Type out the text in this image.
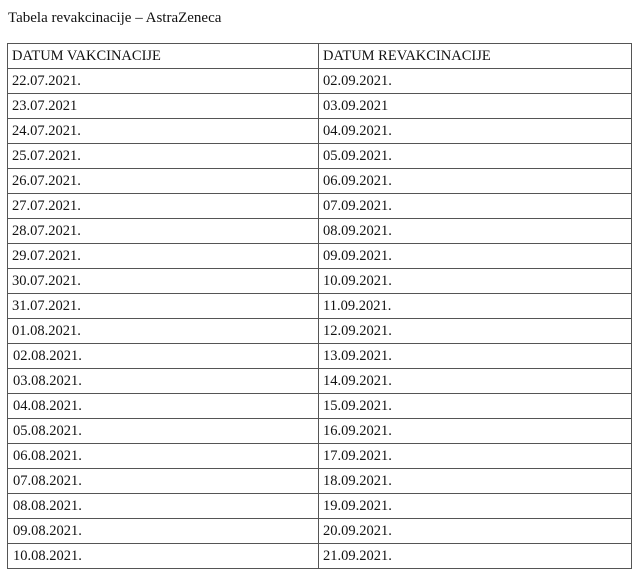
Tabela revakcinacije – AstraZeneca
DATUM VAKCINACIJE	DATUM REVAKCINACIJE
22.07.2021.	02.09.2021.
23.07.2021	03.09.2021
24.07.2021.	04.09.2021.
25.07.2021.	05.09.2021.
26.07.2021.	06.09.2021.
27.07.2021.	07.09.2021.
28.07.2021.	08.09.2021.
29.07.2021.	09.09.2021.
30.07.2021.	10.09.2021.
31.07.2021.	11.09.2021.
01.08.2021.	12.09.2021.
02.08.2021.	13.09.2021.
03.08.2021.	14.09.2021.
04.08.2021.	15.09.2021.
05.08.2021.	16.09.2021.
06.08.2021.	17.09.2021.
07.08.2021.	18.09.2021.
08.08.2021.	19.09.2021.
09.08.2021.	20.09.2021.
10.08.2021.	21.09.2021.
